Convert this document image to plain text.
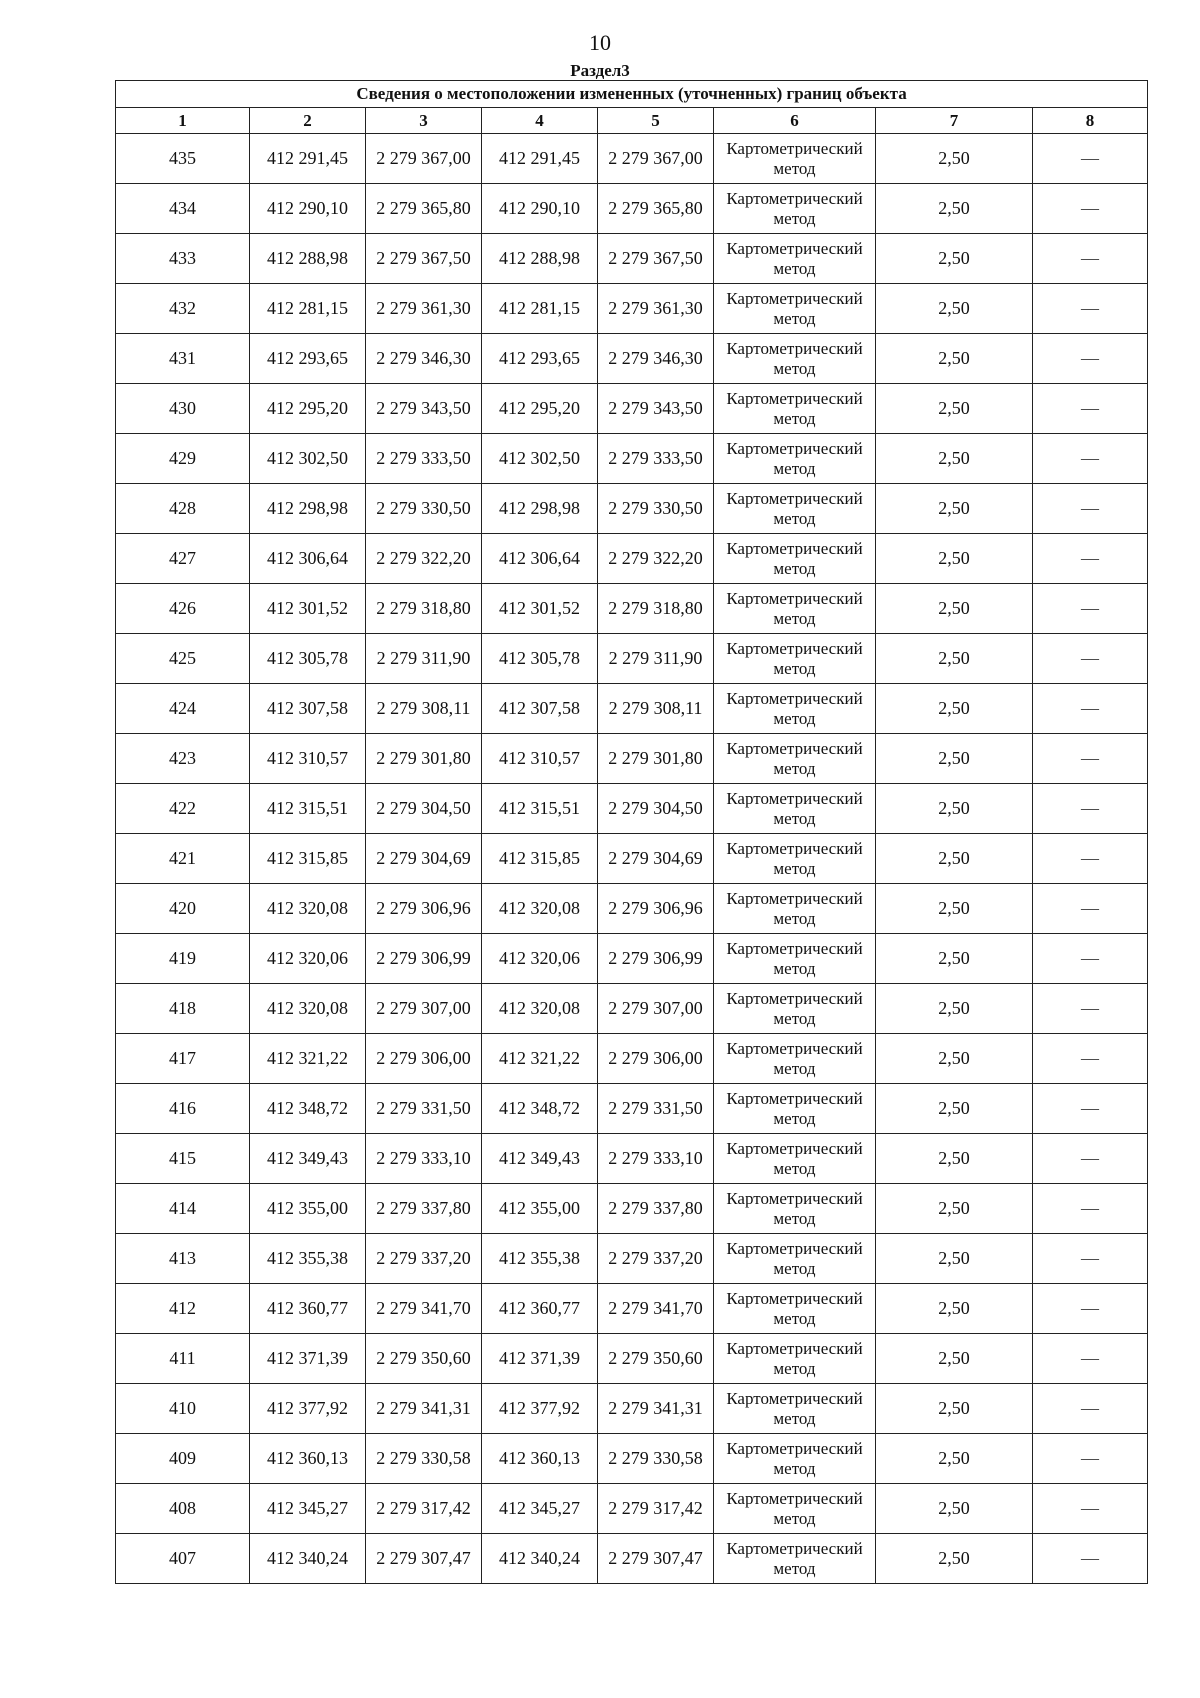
10
Раздел3
Сведения о местоположении измененных (уточненных) границ объекта							
1	2	3	4	5	6	7	8
435	412 291,45	2 279 367,00	412 291,45	2 279 367,00	Картометрический метод	2,50	—
434	412 290,10	2 279 365,80	412 290,10	2 279 365,80	Картометрический метод	2,50	—
433	412 288,98	2 279 367,50	412 288,98	2 279 367,50	Картометрический метод	2,50	—
432	412 281,15	2 279 361,30	412 281,15	2 279 361,30	Картометрический метод	2,50	—
431	412 293,65	2 279 346,30	412 293,65	2 279 346,30	Картометрический метод	2,50	—
430	412 295,20	2 279 343,50	412 295,20	2 279 343,50	Картометрический метод	2,50	—
429	412 302,50	2 279 333,50	412 302,50	2 279 333,50	Картометрический метод	2,50	—
428	412 298,98	2 279 330,50	412 298,98	2 279 330,50	Картометрический метод	2,50	—
427	412 306,64	2 279 322,20	412 306,64	2 279 322,20	Картометрический метод	2,50	—
426	412 301,52	2 279 318,80	412 301,52	2 279 318,80	Картометрический метод	2,50	—
425	412 305,78	2 279 311,90	412 305,78	2 279 311,90	Картометрический метод	2,50	—
424	412 307,58	2 279 308,11	412 307,58	2 279 308,11	Картометрический метод	2,50	—
423	412 310,57	2 279 301,80	412 310,57	2 279 301,80	Картометрический метод	2,50	—
422	412 315,51	2 279 304,50	412 315,51	2 279 304,50	Картометрический метод	2,50	—
421	412 315,85	2 279 304,69	412 315,85	2 279 304,69	Картометрический метод	2,50	—
420	412 320,08	2 279 306,96	412 320,08	2 279 306,96	Картометрический метод	2,50	—
419	412 320,06	2 279 306,99	412 320,06	2 279 306,99	Картометрический метод	2,50	—
418	412 320,08	2 279 307,00	412 320,08	2 279 307,00	Картометрический метод	2,50	—
417	412 321,22	2 279 306,00	412 321,22	2 279 306,00	Картометрический метод	2,50	—
416	412 348,72	2 279 331,50	412 348,72	2 279 331,50	Картометрический метод	2,50	—
415	412 349,43	2 279 333,10	412 349,43	2 279 333,10	Картометрический метод	2,50	—
414	412 355,00	2 279 337,80	412 355,00	2 279 337,80	Картометрический метод	2,50	—
413	412 355,38	2 279 337,20	412 355,38	2 279 337,20	Картометрический метод	2,50	—
412	412 360,77	2 279 341,70	412 360,77	2 279 341,70	Картометрический метод	2,50	—
411	412 371,39	2 279 350,60	412 371,39	2 279 350,60	Картометрический метод	2,50	—
410	412 377,92	2 279 341,31	412 377,92	2 279 341,31	Картометрический метод	2,50	—
409	412 360,13	2 279 330,58	412 360,13	2 279 330,58	Картометрический метод	2,50	—
408	412 345,27	2 279 317,42	412 345,27	2 279 317,42	Картометрический метод	2,50	—
407	412 340,24	2 279 307,47	412 340,24	2 279 307,47	Картометрический метод	2,50	—
